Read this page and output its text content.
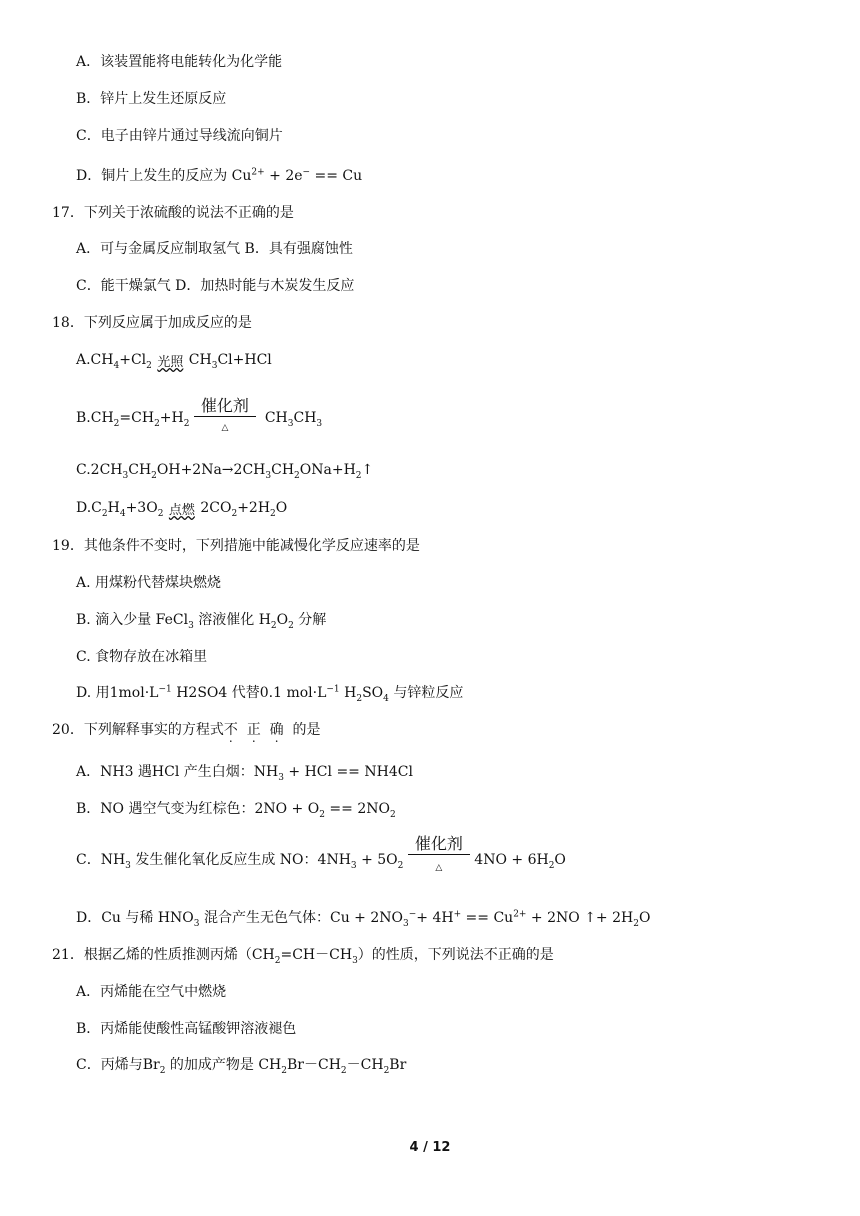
A．该装置能将电能转化为化学能
B．锌片上发生还原反应
C．电子由锌片通过导线流向铜片
D．铜片上发生的反应为 $Cu^{2+} + 2e^- == Cu$
17．下列关于浓硫酸的说法不正确的是
A．可与金属反应制取氢气 B．具有强腐蚀性
C．能干燥氯气 D．加热时能与木炭发生反应
18．下列反应属于加成反应的是
$A.CH_4+Cl_2$ 光照 $CH_3Cl+HCl$
$B.CH_2=CH_2+H_2$
催化剂
△
$CH_3CH_3$
$C.2CH_3CH_2OH+2Na\to 2CH_3CH_2ONa+H_2↑$
$D.C_2H_4+3O_2$ 点燃 $2CO_2+2H_2O$
19．其他条件不变时，下列措施中能减慢化学反应速率的是
A. 用煤粉代替煤块燃烧
B. 滴入少量 FeCl$_3$ 溶液催化 $H_2O_2$ 分解
C. 食物存放在冰箱里
D. 用$1mol\cdot L^{-1}$ H2SO4 代替0.1 $mol\cdot L^{-1}$ $H_2SO_4$ 与锌粒反应
20．下列解释事实的方程式不 正 确 的是
A．NH3 遇HCl 产生白烟：$NH_3$ + HCl == NH4Cl
B．NO 遇空气变为红棕色：$2NO + O_2 == 2NO_2$
C．$NH_3$ 发生催化氧化反应生成 NO：$4NH_3 + 5O_2$
催化剂
△	$4NO + 6H_2O$
D．Cu 与稀 $HNO_3$ 混合产生无色气体：$Cu + 2NO_3^-+ 4H^+ == Cu^{2+} + 2NO$ ↑+ $2H_2O$
21．根据乙烯的性质推测丙烯$(CH_2=CH-CH_3)$的性质，下列说法不正确的是
A．丙烯能在空气中燃烧
B．丙烯能使酸性高锰酸钾溶液褪色
C．丙烯与$Br_2$ 的加成产物是 $CH_2Br-CH_2-CH_2Br$
4 / 12
